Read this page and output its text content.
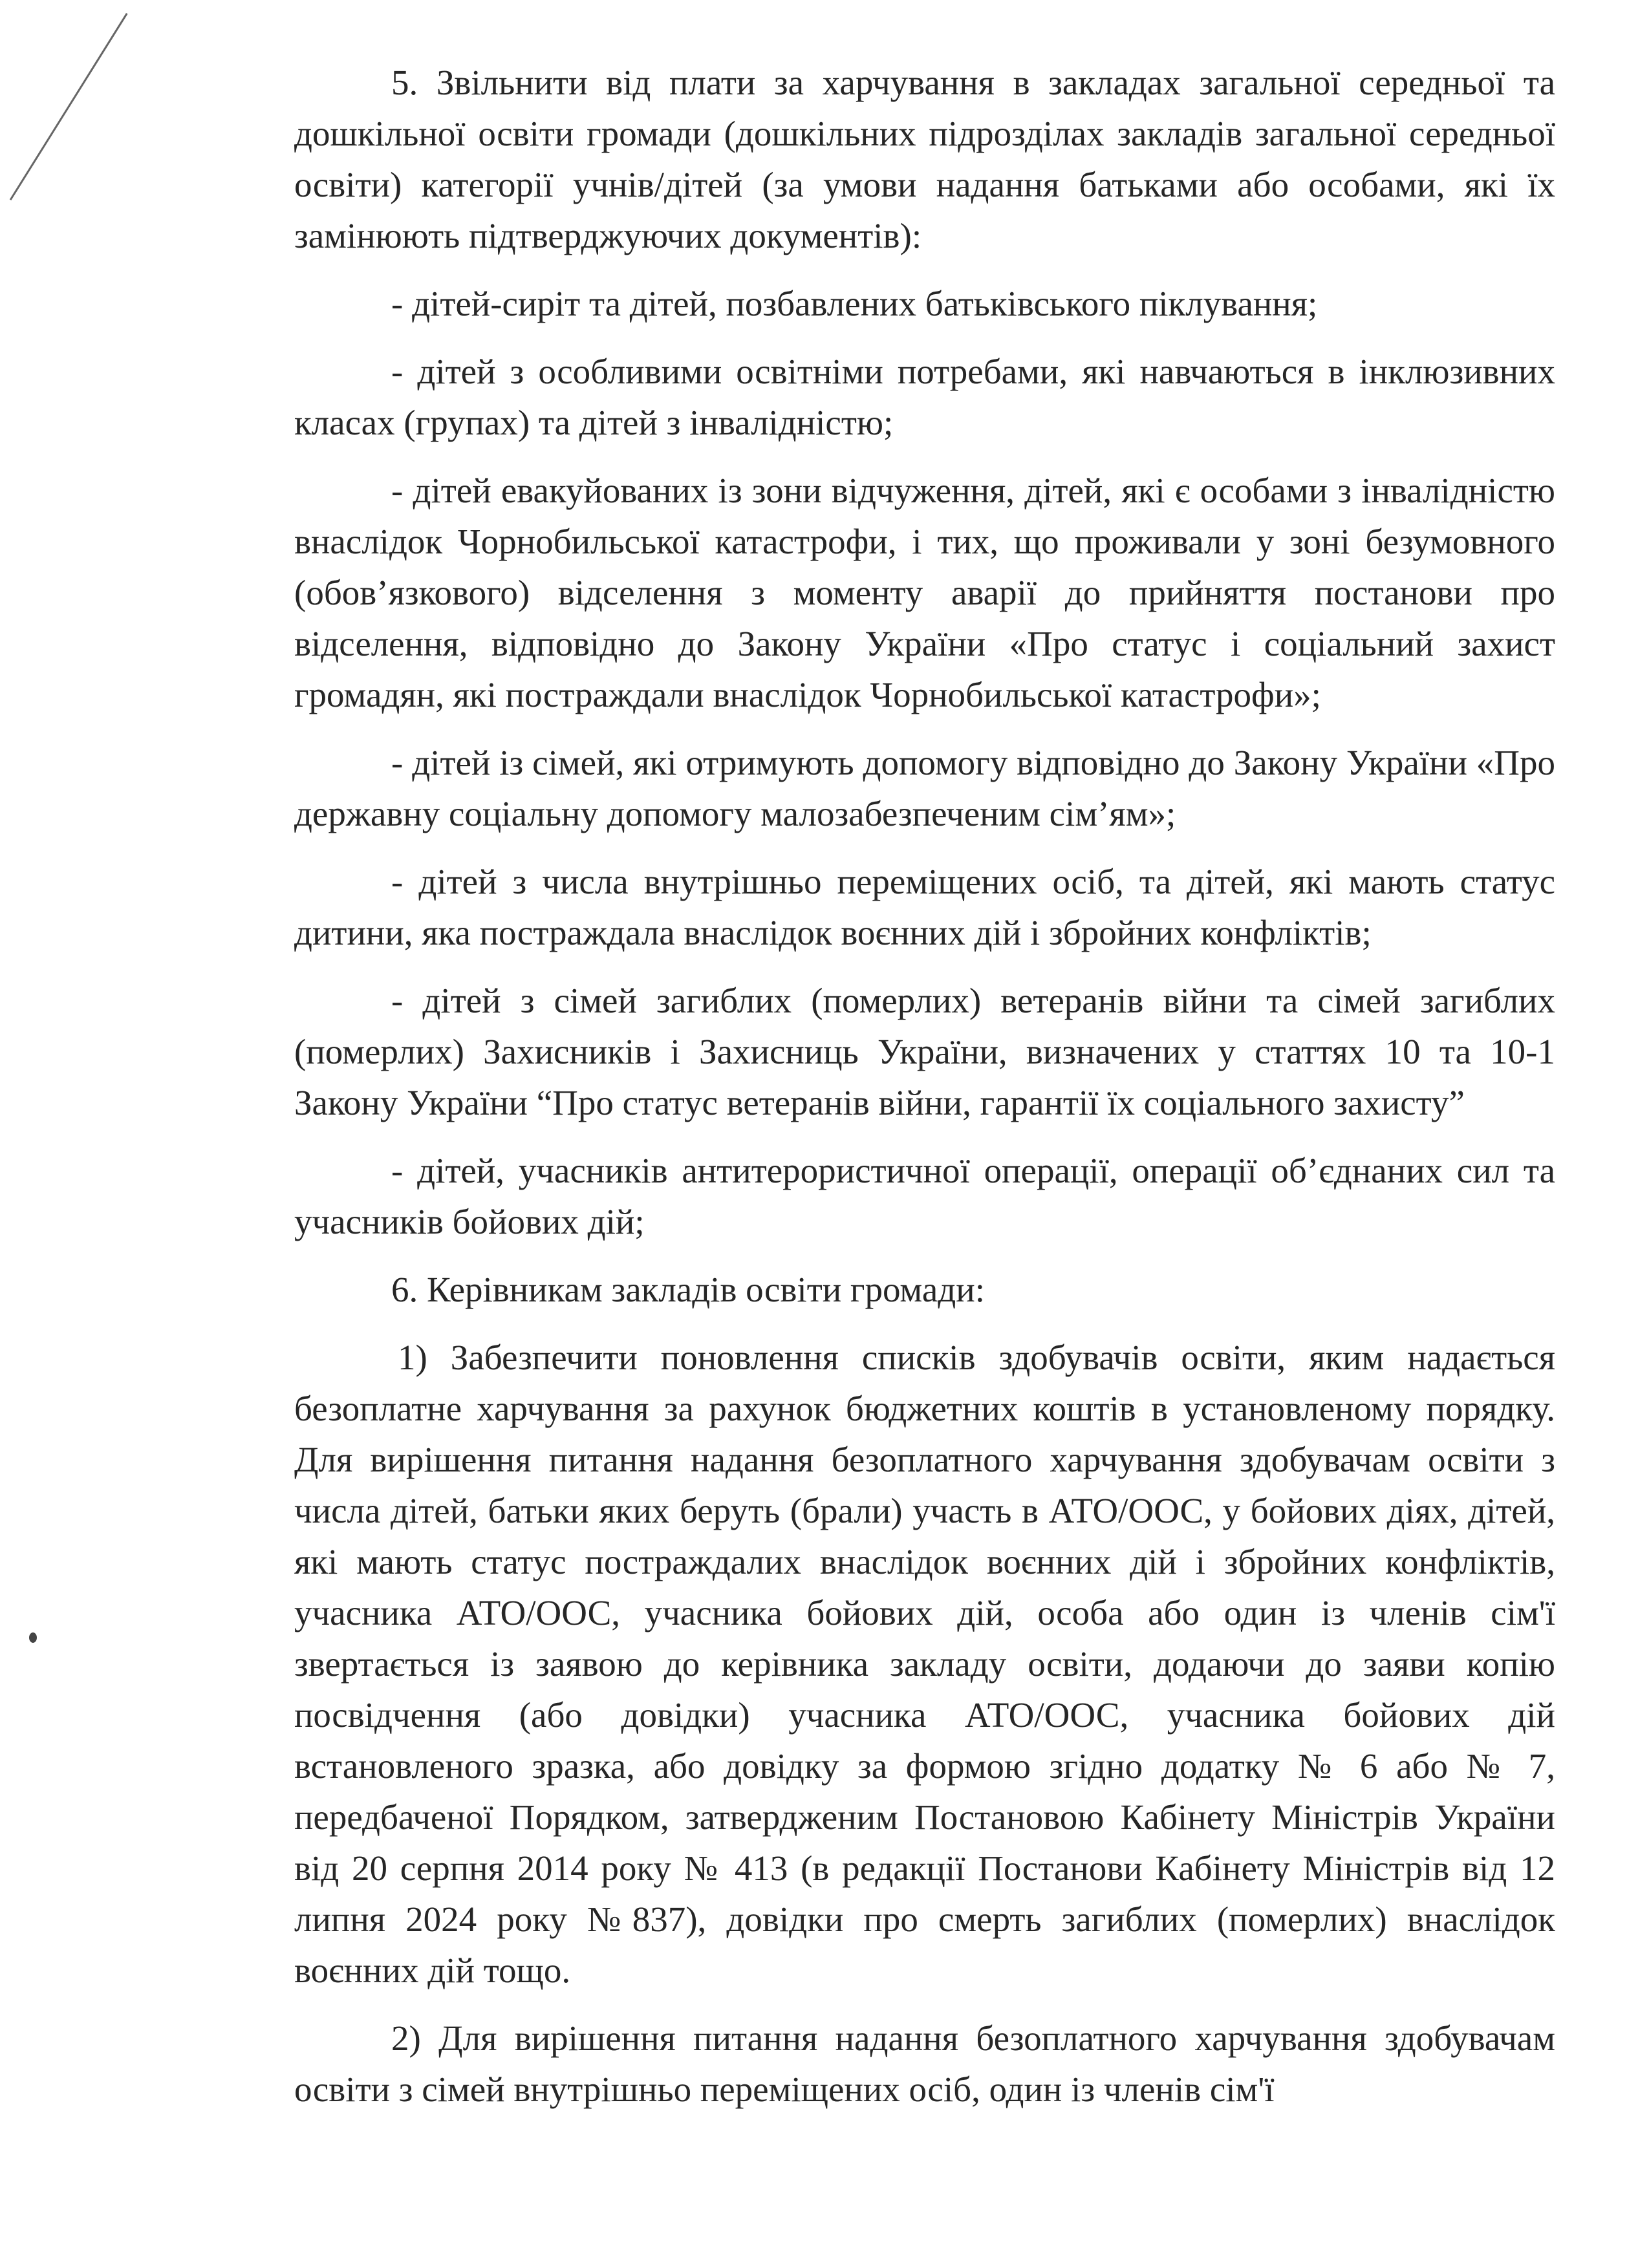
5. Звільнити від плати за харчування в закладах загальної середньої та дошкільної освіти громади (дошкільних підрозділах закладів загальної середньої освіти) категорії учнів/дітей (за умови надання батьками або особами, які їх замінюють підтверджуючих документів):

- дітей-сиріт та дітей, позбавлених батьківського піклування;

- дітей з особливими освітніми потребами, які навчаються в інклюзивних класах (групах) та дітей з інвалідністю;

- дітей евакуйованих із зони відчуження, дітей, які є особами з інвалідністю внаслідок Чорнобильської катастрофи, і тих, що проживали у зоні безумовного (обов’язкового) відселення з моменту аварії до прийняття постанови про відселення, відповідно до Закону України «Про статус і соціальний захист громадян, які постраждали внаслідок Чорнобильської катастрофи»;

- дітей із сімей, які отримують допомогу відповідно до Закону України «Про державну соціальну допомогу малозабезпеченим сім’ям»;

- дітей з числа внутрішньо переміщених осіб, та дітей, які мають статус дитини, яка постраждала внаслідок воєнних дій і збройних конфліктів;

- дітей з сімей загиблих (померлих) ветеранів війни та сімей загиблих (померлих) Захисників і Захисниць України, визначених у статтях 10 та 10-1 Закону України “Про статус ветеранів війни, гарантії їх соціального захисту”

- дітей, учасників антитерористичної операції, операції об’єднаних сил та учасників бойових дій;

6. Керівникам закладів освіти громади:

1) Забезпечити поновлення списків здобувачів освіти, яким надається безоплатне харчування за рахунок бюджетних коштів в установленому порядку. Для вирішення питання надання безоплатного харчування здобувачам освіти з числа дітей, батьки яких беруть (брали) участь в АТО/ООС, у бойових діях, дітей, які мають статус постраждалих внаслідок воєнних дій і збройних конфліктів, учасника АТО/ООС, учасника бойових дій, особа або один із членів сім'ї звертається із заявою до керівника закладу освіти, додаючи до заяви копію посвідчення (або довідки) учасника АТО/ООС, учасника бойових дій встановленого зразка, або довідку за формою згідно додатку № 6 або № 7, передбаченої Порядком, затвердженим Постановою Кабінету Міністрів України від 20 серпня 2014 року № 413 (в редакції Постанови Кабінету Міністрів від 12 липня 2024 року №837), довідки про смерть загиблих (померлих) внаслідок воєнних дій тощо.

2) Для вирішення питання надання безоплатного харчування здобувачам освіти з сімей внутрішньо переміщених осіб, один із членів сім'ї
